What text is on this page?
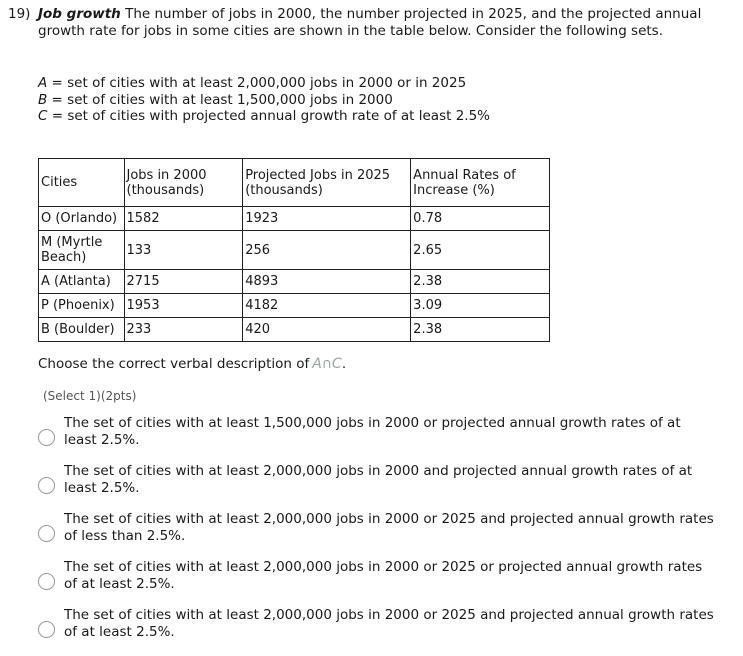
19) Job growth The number of jobs in 2000, the number projected in 2025, and the projected annual growth rate for jobs in some cities are shown in the table below. Consider the following sets.
A = set of cities with at least 2,000,000 jobs in 2000 or in 2025
B = set of cities with at least 1,500,000 jobs in 2000
C = set of cities with projected annual growth rate of at least 2.5%
Cities	Jobs in 2000 (thousands)	Projected Jobs in 2025 (thousands)	Annual Rates of Increase (%)
O (Orlando)	1582	1923	0.78
M (Myrtle Beach)	133	256	2.65
A (Atlanta)	2715	4893	2.38
P (Phoenix)	1953	4182	3.09
B (Boulder)	233	420	2.38
Choose the correct verbal description of A∩C.
(Select 1)(2pts)
The set of cities with at least 1,500,000 jobs in 2000 or projected annual growth rates of at least 2.5%.
The set of cities with at least 2,000,000 jobs in 2000 and projected annual growth rates of at least 2.5%.
The set of cities with at least 2,000,000 jobs in 2000 or 2025 and projected annual growth rates of less than 2.5%.
The set of cities with at least 2,000,000 jobs in 2000 or 2025 or projected annual growth rates of at least 2.5%.
The set of cities with at least 2,000,000 jobs in 2000 or 2025 and projected annual growth rates of at least 2.5%.
